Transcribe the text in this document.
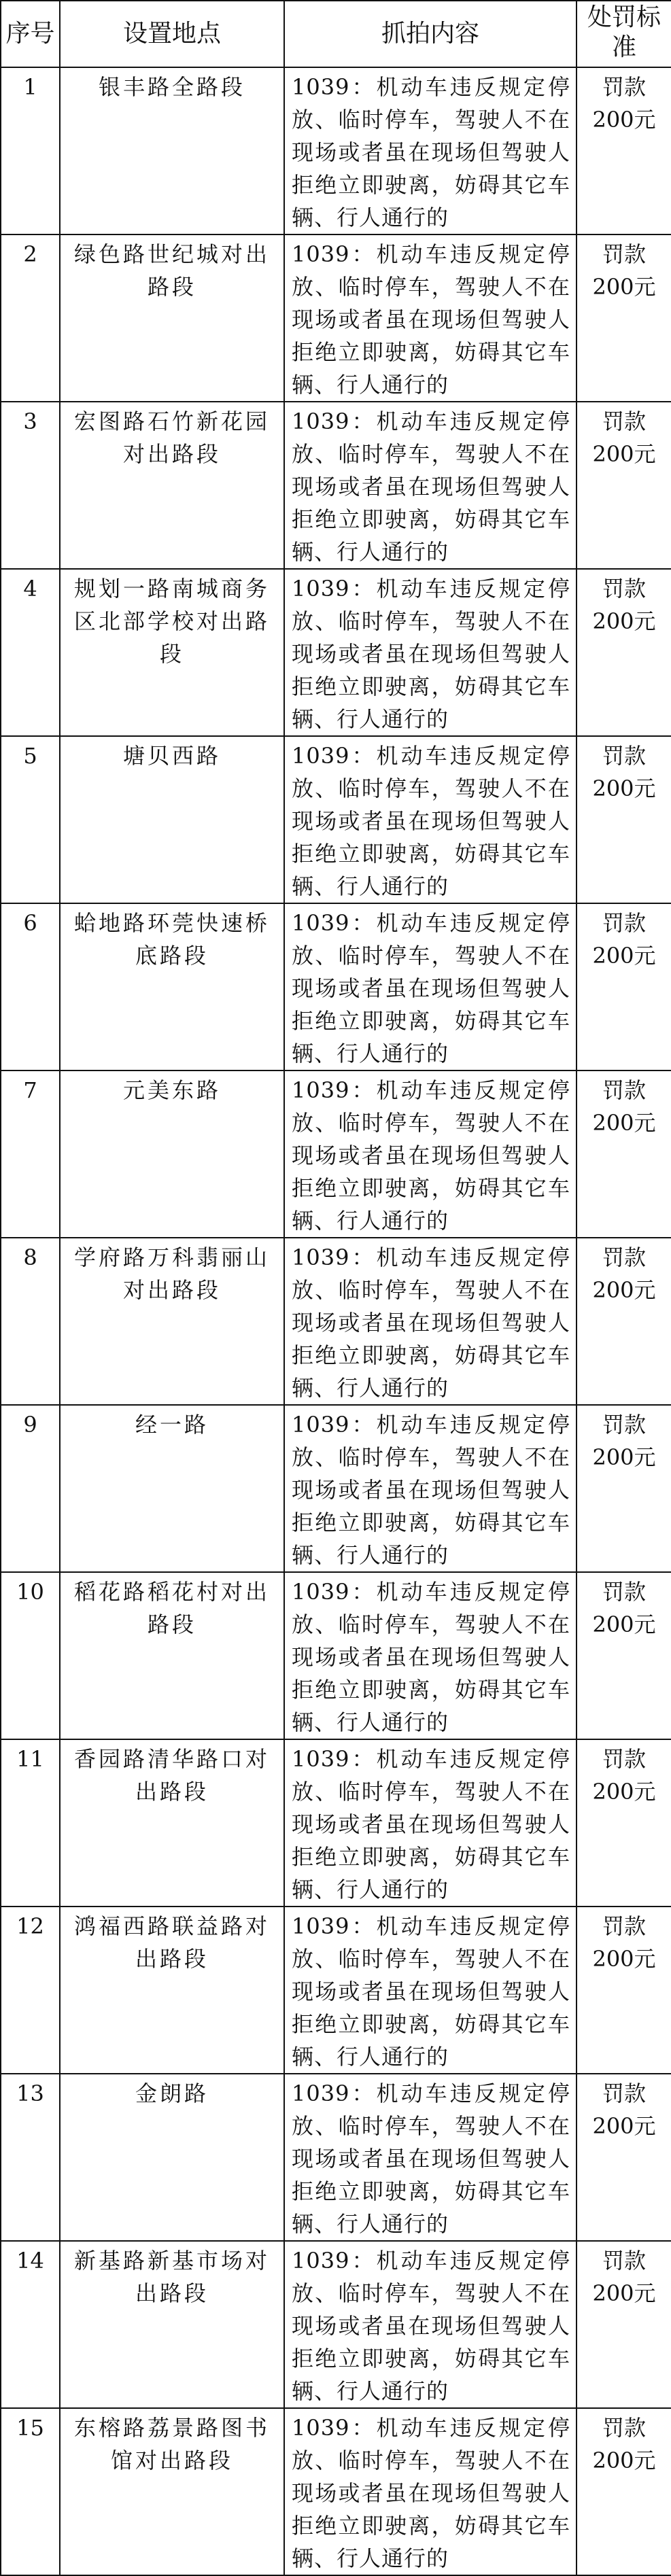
序号	设置地点	抓拍内容	处罚标准
1	银丰路全路段	1039：机动车违反规定停放、临时停车，驾驶人不在现场或者虽在现场但驾驶人拒绝立即驶离，妨碍其它车辆、行人通行的	罚款
200元

2	绿色路世纪城对出路段	1039：机动车违反规定停放、临时停车，驾驶人不在现场或者虽在现场但驾驶人拒绝立即驶离，妨碍其它车辆、行人通行的	罚款
200元

3	宏图路石竹新花园对出路段	1039：机动车违反规定停放、临时停车，驾驶人不在现场或者虽在现场但驾驶人拒绝立即驶离，妨碍其它车辆、行人通行的	罚款
200元

4	规划一路南城商务区北部学校对出路段	1039：机动车违反规定停放、临时停车，驾驶人不在现场或者虽在现场但驾驶人拒绝立即驶离，妨碍其它车辆、行人通行的	罚款
200元

5	塘贝西路	1039：机动车违反规定停放、临时停车，驾驶人不在现场或者虽在现场但驾驶人拒绝立即驶离，妨碍其它车辆、行人通行的	罚款
200元

6	蛤地路环莞快速桥底路段	1039：机动车违反规定停放、临时停车，驾驶人不在现场或者虽在现场但驾驶人拒绝立即驶离，妨碍其它车辆、行人通行的	罚款
200元

7	元美东路	1039：机动车违反规定停放、临时停车，驾驶人不在现场或者虽在现场但驾驶人拒绝立即驶离，妨碍其它车辆、行人通行的	罚款
200元

8	学府路万科翡丽山对出路段	1039：机动车违反规定停放、临时停车，驾驶人不在现场或者虽在现场但驾驶人拒绝立即驶离，妨碍其它车辆、行人通行的	罚款
200元

9	经一路	1039：机动车违反规定停放、临时停车，驾驶人不在现场或者虽在现场但驾驶人拒绝立即驶离，妨碍其它车辆、行人通行的	罚款
200元

10	稻花路稻花村对出路段	1039：机动车违反规定停放、临时停车，驾驶人不在现场或者虽在现场但驾驶人拒绝立即驶离，妨碍其它车辆、行人通行的	罚款
200元

11	香园路清华路口对出路段	1039：机动车违反规定停放、临时停车，驾驶人不在现场或者虽在现场但驾驶人拒绝立即驶离，妨碍其它车辆、行人通行的	罚款
200元

12	鸿福西路联益路对出路段	1039：机动车违反规定停放、临时停车，驾驶人不在现场或者虽在现场但驾驶人拒绝立即驶离，妨碍其它车辆、行人通行的	罚款
200元

13	金朗路	1039：机动车违反规定停放、临时停车，驾驶人不在现场或者虽在现场但驾驶人拒绝立即驶离，妨碍其它车辆、行人通行的	罚款
200元

14	新基路新基市场对出路段	1039：机动车违反规定停放、临时停车，驾驶人不在现场或者虽在现场但驾驶人拒绝立即驶离，妨碍其它车辆、行人通行的	罚款
200元

15	东榕路荔景路图书馆对出路段	1039：机动车违反规定停放、临时停车，驾驶人不在现场或者虽在现场但驾驶人拒绝立即驶离，妨碍其它车辆、行人通行的	罚款
200元
